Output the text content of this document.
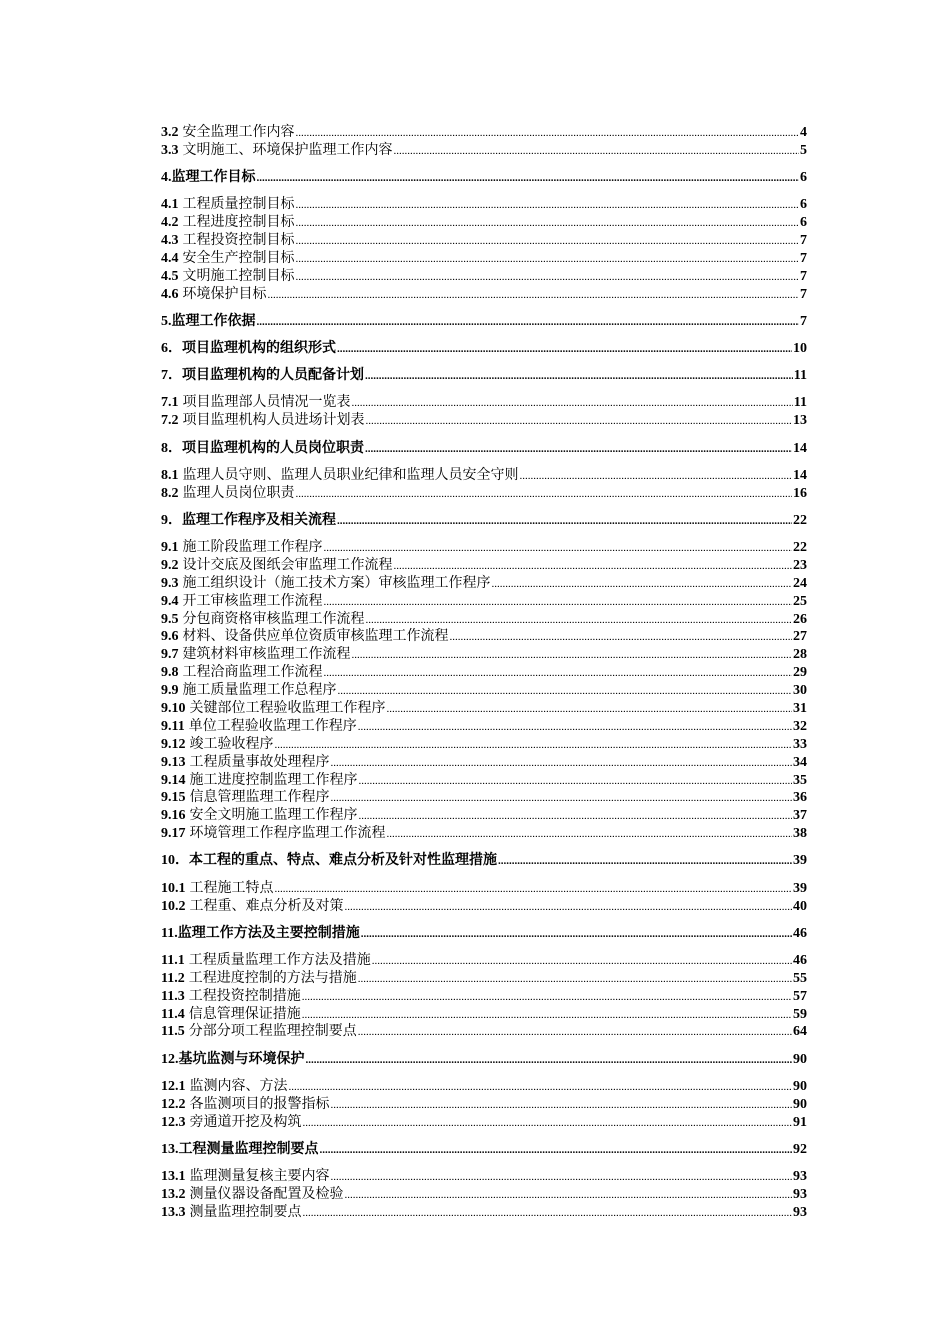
3.2 安全监理工作内容 .....	4
3.3 文明施工、环境保护监理工作内容 .....	5
4. 监理工作目标 .....	6
4.1 工程质量控制目标 .....	6
4.2 工程进度控制目标 .....	6
4.3 工程投资控制目标 .....	7
4.4 安全生产控制目标 .....	7
4.5 文明施工控制目标 .....	7
4.6 环境保护目标 .....	7
5. 监理工作依据 .....	7
6． 项目监理机构的组织形式 .....	10
7． 项目监理机构的人员配备计划 .....	11
7.1 项目监理部人员情况一览表 .....	11
7.2 项目监理机构人员进场计划表 .....	13
8． 项目监理机构的人员岗位职责 .....	14
8.1 监理人员守则、监理人员职业纪律和监理人员安全守则 .....	14
8.2 监理人员岗位职责 .....	16
9． 监理工作程序及相关流程 .....	22
9.1 施工阶段监理工作程序 .....	22
9.2 设计交底及图纸会审监理工作流程 .....	23
9.3 施工组织设计（施工技术方案）审核监理工作程序 .....	24
9.4 开工审核监理工作流程 .....	25
9.5 分包商资格审核监理工作流程 .....	26
9.6 材料、设备供应单位资质审核监理工作流程 .....	27
9.7 建筑材料审核监理工作流程 .....	28
9.8 工程洽商监理工作流程 .....	29
9.9 施工质量监理工作总程序 .....	30
9.10 关键部位工程验收监理工作程序 .....	31
9.11 单位工程验收监理工作程序 .....	32
9.12 竣工验收程序 .....	33
9.13 工程质量事故处理程序 .....	34
9.14 施工进度控制监理工作程序 .....	35
9.15 信息管理监理工作程序 .....	36
9.16 安全文明施工监理工作程序 .....	37
9.17 环境管理工作程序监理工作流程 .....	38
10． 本工程的重点、特点、难点分析及针对性监理措施 .....	39
10.1 工程施工特点 .....	39
10.2 工程重、难点分析及对策 .....	40
11. 监理工作方法及主要控制措施 .....	46
11.1 工程质量监理工作方法及措施 .....	46
11.2 工程进度控制的方法与措施 .....	55
11.3 工程投资控制措施 .....	57
11.4 信息管理保证措施 .....	59
11.5 分部分项工程监理控制要点 .....	64
12. 基坑监测与环境保护 .....	90
12.1 监测内容、方法 .....	90
12.2 各监测项目的报警指标 .....	90
12.3 旁通道开挖及构筑 .....	91
13. 工程测量监理控制要点 .....	92
13.1 监理测量复核主要内容 .....	93
13.2 测量仪器设备配置及检验 .....	93
13.3 测量监理控制要点 .....	93
